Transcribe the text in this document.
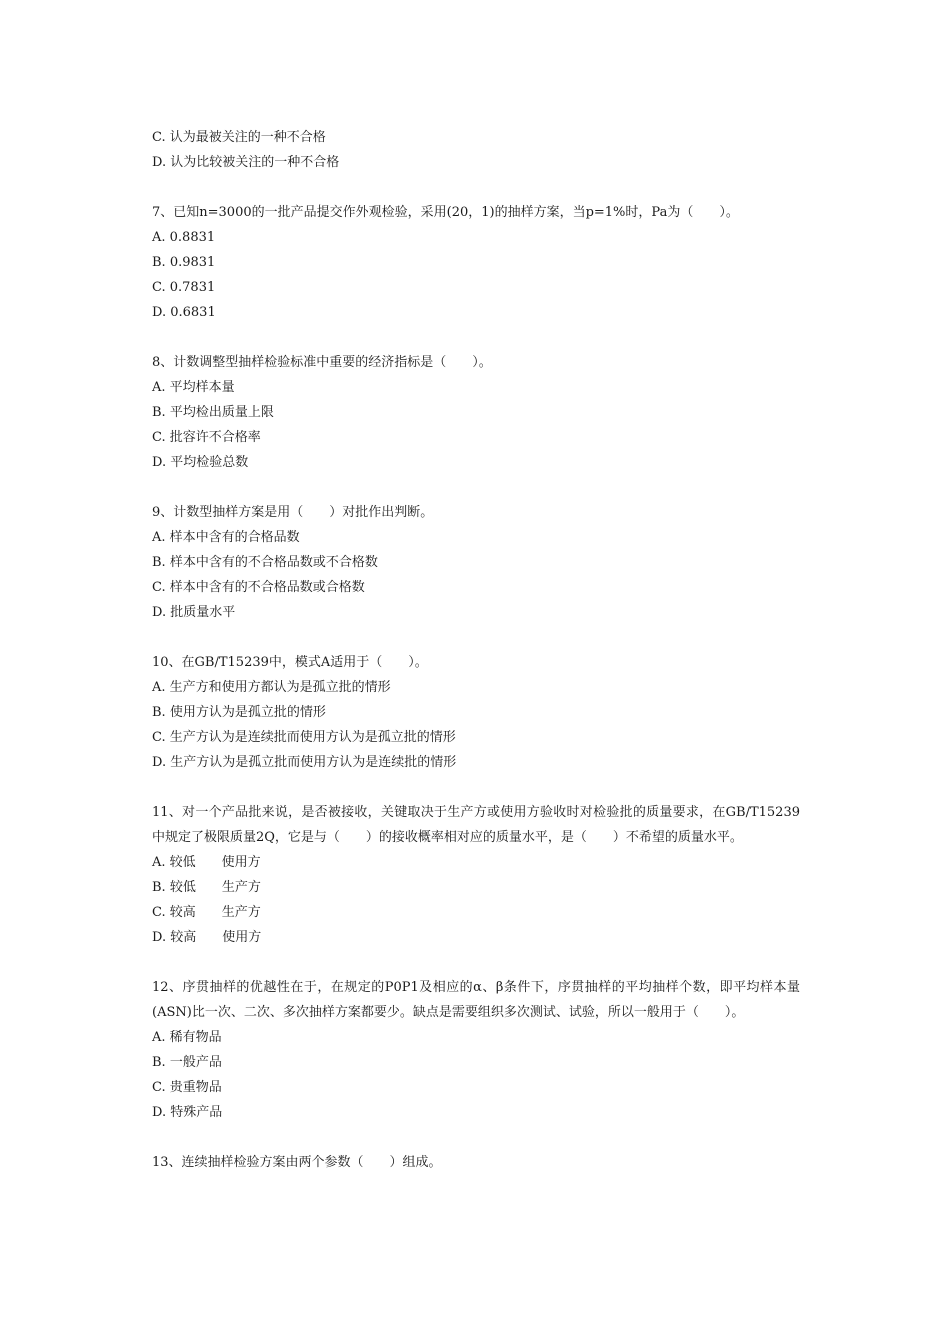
C. 认为最被关注的一种不合格
D. 认为比较被关注的一种不合格
7、已知n=3000的一批产品提交作外观检验，采用(20，1)的抽样方案，当p=1%时，Pa为（　　）。
A. 0.8831
B. 0.9831
C. 0.7831
D. 0.6831
8、计数调整型抽样检验标准中重要的经济指标是（　　）。
A. 平均样本量
B. 平均检出质量上限
C. 批容许不合格率
D. 平均检验总数
9、计数型抽样方案是用（　　）对批作出判断。
A. 样本中含有的合格品数
B. 样本中含有的不合格品数或不合格数
C. 样本中含有的不合格品数或合格数
D. 批质量水平
10、在GB/T15239中，模式A适用于（　　）。
A. 生产方和使用方都认为是孤立批的情形
B. 使用方认为是孤立批的情形
C. 生产方认为是连续批而使用方认为是孤立批的情形
D. 生产方认为是孤立批而使用方认为是连续批的情形
11、对一个产品批来说，是否被接收，关键取决于生产方或使用方验收时对检验批的质量要求，在GB/T15239中规定了极限质量2Q，它是与（　　）的接收概率相对应的质量水平，是（　　）不希望的质量水平。
A. 较低　　使用方
B. 较低　　生产方
C. 较高　　生产方
D. 较高　　使用方
12、序贯抽样的优越性在于，在规定的P0P1及相应的α、β条件下，序贯抽样的平均抽样个数，即平均样本量(ASN)比一次、二次、多次抽样方案都要少。缺点是需要组织多次测试、试验，所以一般用于（　　）。
A. 稀有物品
B. 一般产品
C. 贵重物品
D. 特殊产品
13、连续抽样检验方案由两个参数（　　）组成。
